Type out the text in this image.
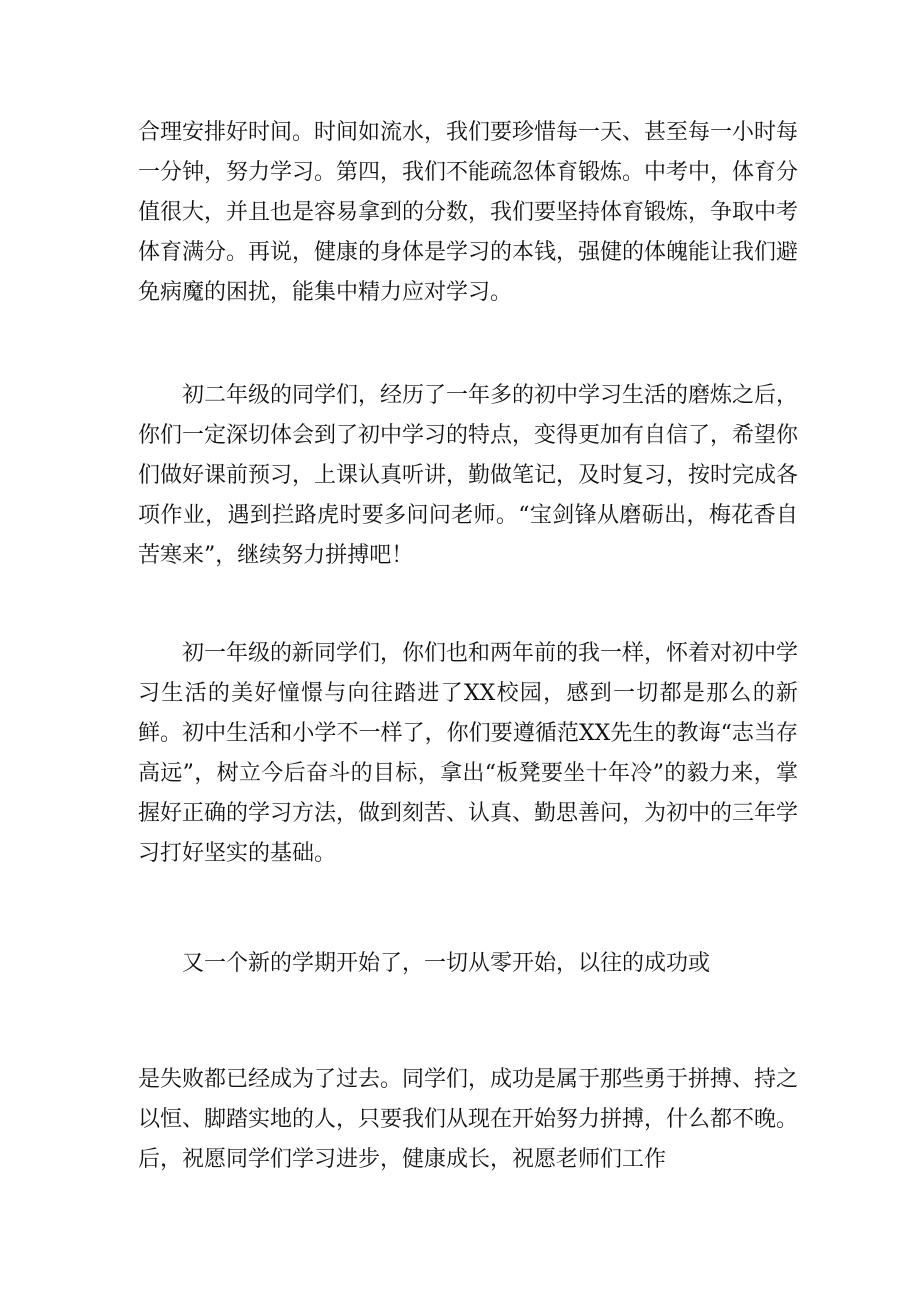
合理安排好时间。时间如流水，我们要珍惜每一天、甚至每一小时每一分钟，努力学习。第四，我们不能疏忽体育锻炼。中考中，体育分值很大，并且也是容易拿到的分数，我们要坚持体育锻炼，争取中考体育满分。再说，健康的身体是学习的本钱，强健的体魄能让我们避免病魔的困扰，能集中精力应对学习。

初二年级的同学们，经历了一年多的初中学习生活的磨炼之后，你们一定深切体会到了初中学习的特点，变得更加有自信了，希望你们做好课前预习，上课认真听讲，勤做笔记，及时复习，按时完成各项作业，遇到拦路虎时要多问问老师。“宝剑锋从磨砺出，梅花香自苦寒来”，继续努力拼搏吧！

初一年级的新同学们，你们也和两年前的我一样，怀着对初中学习生活的美好憧憬与向往踏进了XX校园，感到一切都是那么的新鲜。初中生活和小学不一样了，你们要遵循范XX先生的教诲“志当存高远”，树立今后奋斗的目标，拿出“板凳要坐十年冷”的毅力来，掌握好正确的学习方法，做到刻苦、认真、勤思善问，为初中的三年学习打好坚实的基础。

又一个新的学期开始了，一切从零开始，以往的成功或

是失败都已经成为了过去。同学们，成功是属于那些勇于拼搏、持之以恒、脚踏实地的人，只要我们从现在开始努力拼搏，什么都不晚。后，祝愿同学们学习进步，健康成长，祝愿老师们工作
